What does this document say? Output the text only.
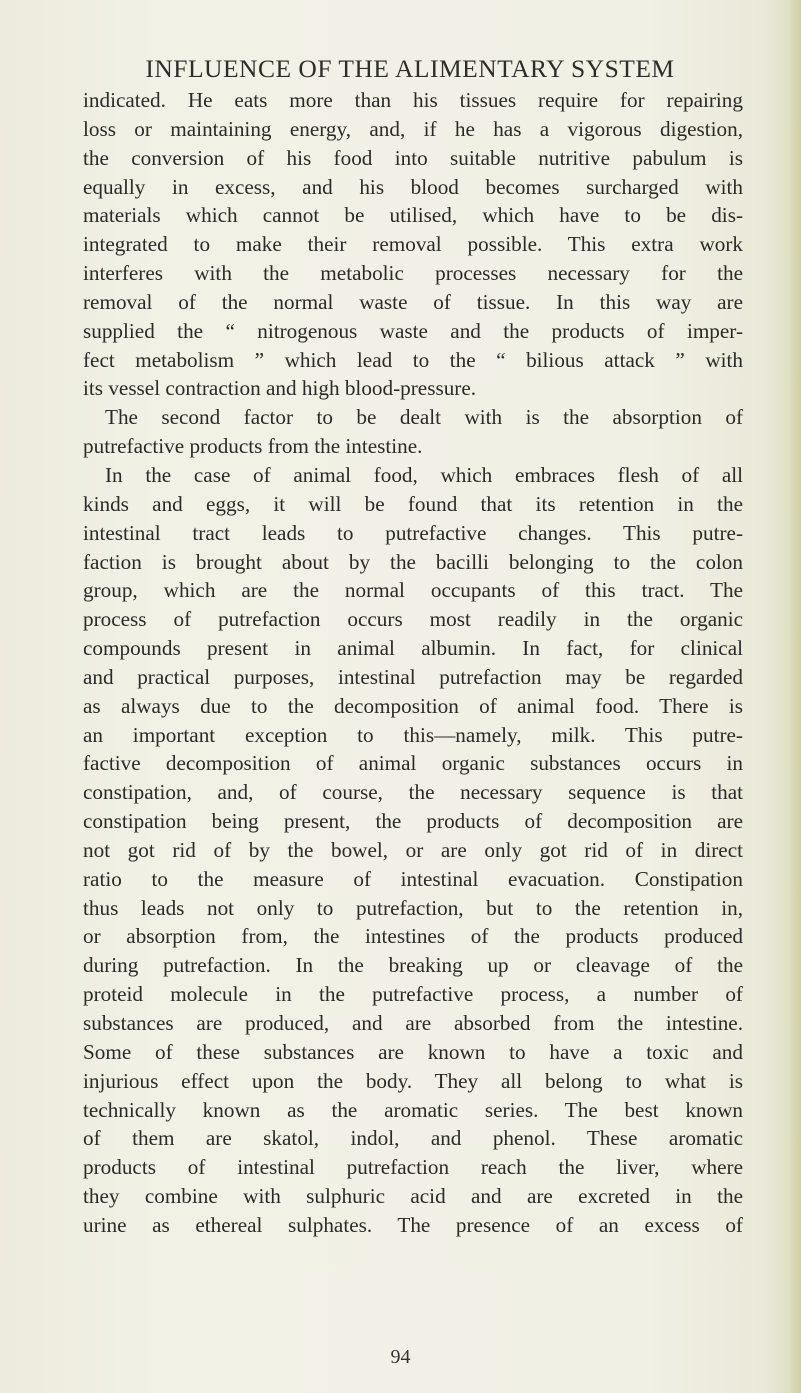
INFLUENCE OF THE ALIMENTARY SYSTEM
indicated. He eats more than his tissues require for repairing
loss or maintaining energy, and, if he has a vigorous digestion,
the conversion of his food into suitable nutritive pabulum is
equally in excess, and his blood becomes surcharged with
materials which cannot be utilised, which have to be dis-
integrated to make their removal possible. This extra work
interferes with the metabolic processes necessary for the
removal of the normal waste of tissue. In this way are
supplied the “ nitrogenous waste and the products of imper-
fect metabolism ” which lead to the “ bilious attack ” with
its vessel contraction and high blood-pressure.
The second factor to be dealt with is the absorption of
putrefactive products from the intestine.
In the case of animal food, which embraces flesh of all
kinds and eggs, it will be found that its retention in the
intestinal tract leads to putrefactive changes. This putre-
faction is brought about by the bacilli belonging to the colon
group, which are the normal occupants of this tract. The
process of putrefaction occurs most readily in the organic
compounds present in animal albumin. In fact, for clinical
and practical purposes, intestinal putrefaction may be regarded
as always due to the decomposition of animal food. There is
an important exception to this—namely, milk. This putre-
factive decomposition of animal organic substances occurs in
constipation, and, of course, the necessary sequence is that
constipation being present, the products of decomposition are
not got rid of by the bowel, or are only got rid of in direct
ratio to the measure of intestinal evacuation. Constipation
thus leads not only to putrefaction, but to the retention in,
or absorption from, the intestines of the products produced
during putrefaction. In the breaking up or cleavage of the
proteid molecule in the putrefactive process, a number of
substances are produced, and are absorbed from the intestine.
Some of these substances are known to have a toxic and
injurious effect upon the body. They all belong to what is
technically known as the aromatic series. The best known
of them are skatol, indol, and phenol. These aromatic
products of intestinal putrefaction reach the liver, where
they combine with sulphuric acid and are excreted in the
urine as ethereal sulphates. The presence of an excess of
94
